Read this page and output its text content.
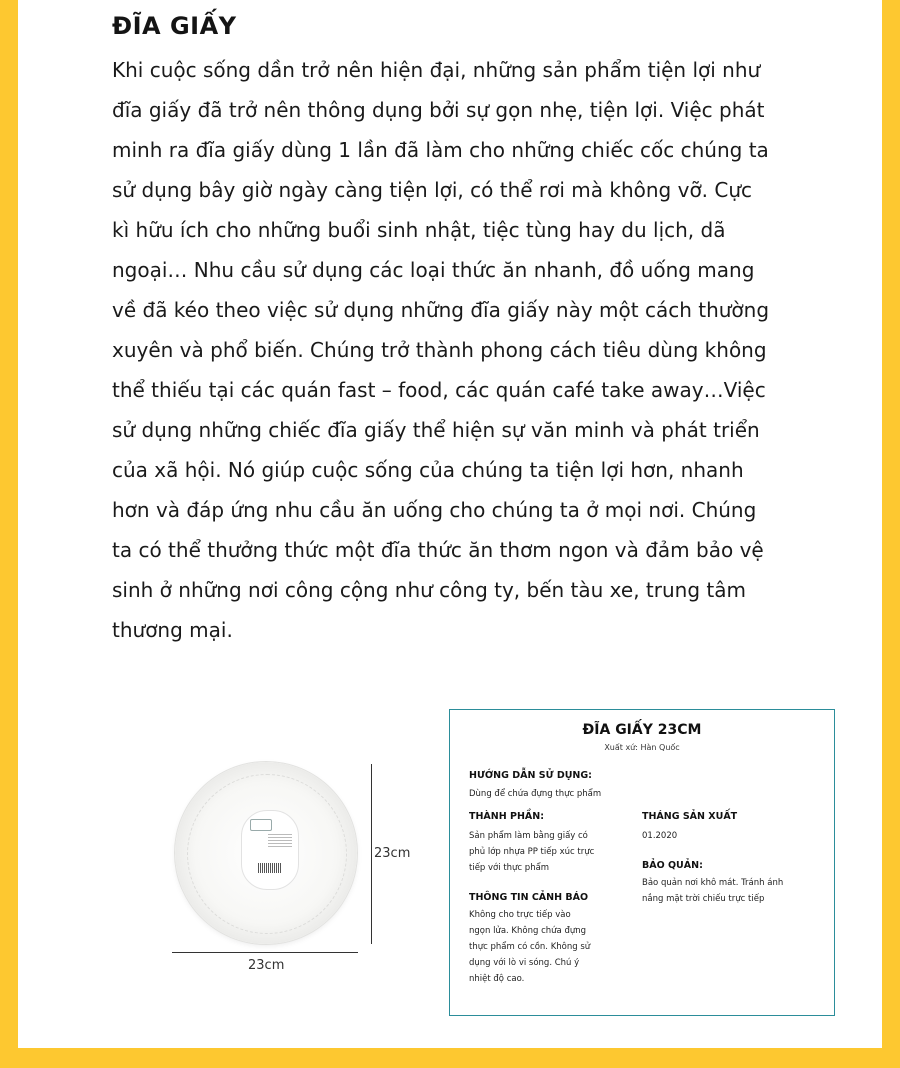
ĐĨA GIẤY
Khi cuộc sống dần trở nên hiện đại, những sản phẩm tiện lợi như
đĩa giấy đã trở nên thông dụng bởi sự gọn nhẹ, tiện lợi. Việc phát
minh ra đĩa giấy dùng 1 lần đã làm cho những chiếc cốc chúng ta
sử dụng bây giờ ngày càng tiện lợi, có thể rơi mà không vỡ. Cực
kì hữu ích cho những buổi sinh nhật, tiệc tùng hay du lịch, dã
ngoại… Nhu cầu sử dụng các loại thức ăn nhanh, đồ uống mang
về đã kéo theo việc sử dụng những đĩa giấy này một cách thường
xuyên và phổ biến. Chúng trở thành phong cách tiêu dùng không
thể thiếu tại các quán fast – food, các quán café take away…Việc
sử dụng những chiếc đĩa giấy thể hiện sự văn minh và phát triển
của xã hội. Nó giúp cuộc sống của chúng ta tiện lợi hơn, nhanh
hơn và đáp ứng nhu cầu ăn uống cho chúng ta ở mọi nơi. Chúng
ta có thể thưởng thức một đĩa thức ăn thơm ngon và đảm bảo vệ
sinh ở những nơi công cộng như công ty, bến tàu xe, trung tâm
thương mại.
23cm
23cm
ĐĨA GIẤY 23CM
Xuất xứ: Hàn Quốc
HƯỚNG DẪN SỬ DỤNG:
Dùng để chứa đựng thực phẩm
THÀNH PHẦN:
Sản phẩm làm bằng giấy có
phủ lớp nhựa PP tiếp xúc trực
tiếp với thực phẩm
THÔNG TIN CẢNH BÁO
Không cho trực tiếp vào
ngọn lửa. Không chứa đựng
thực phẩm có cồn. Không sử
dụng với lò vi sóng. Chú ý
nhiệt độ cao.
THÁNG SẢN XUẤT
01.2020
BẢO QUẢN:
Bảo quản nơi khô mát. Tránh ánh
nắng mặt trời chiếu trực tiếp
